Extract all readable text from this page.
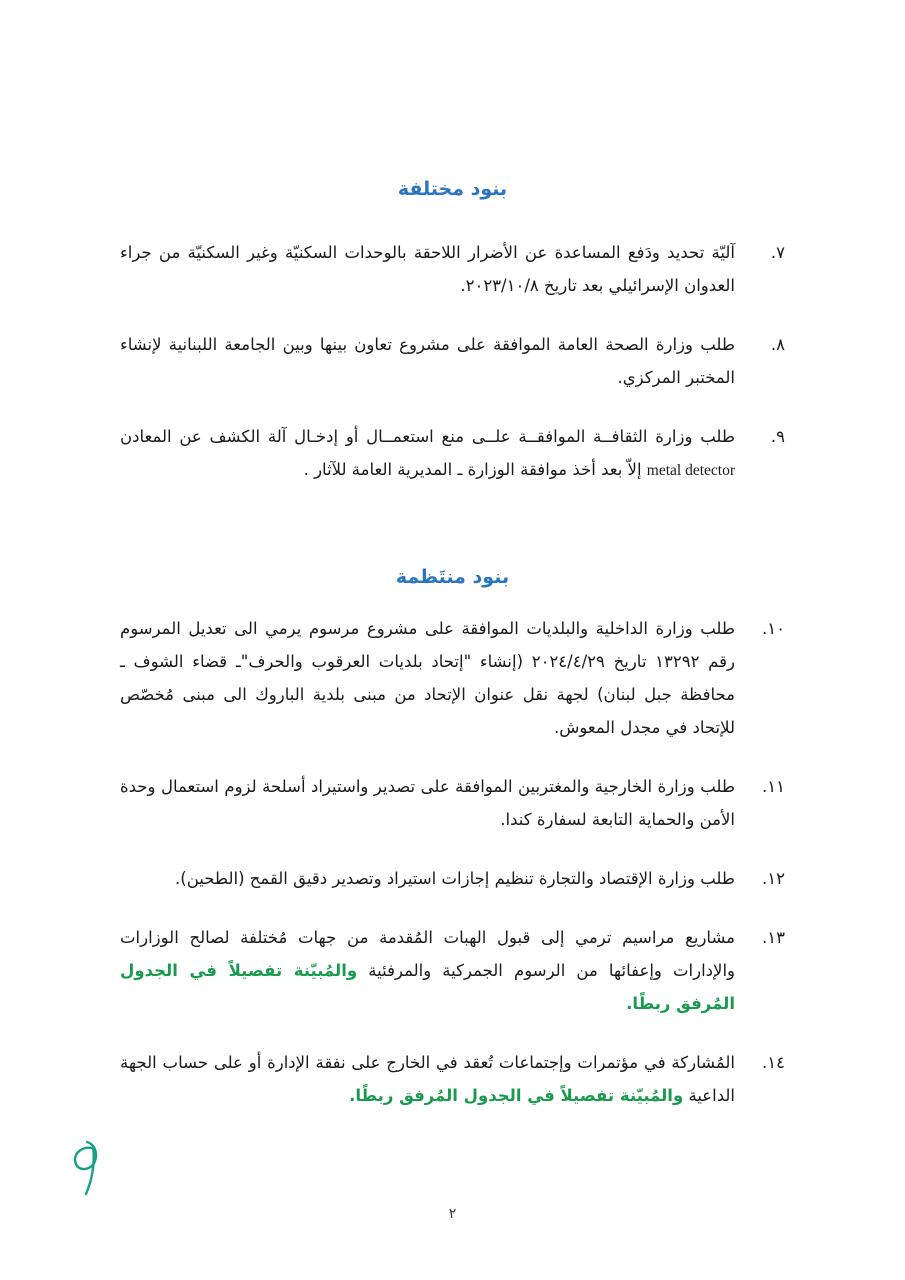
بنود مختلفة
٧.
آليّة تحديد ودَفع المساعدة عن الأضرار اللاحقة بالوحدات السكنيّة وغير السكنيّة من جراء العدوان الإسرائيلي بعد تاريخ ٢٠٢٣/١٠/٨.
٨.
طلب وزارة الصحة العامة الموافقة على مشروع تعاون بينها وبين الجامعة اللبنانية لإنشاء المختبر المركزي.
٩.
طلب وزارة الثقافــة الموافقــة علــى منع استعمــال أو إدخـال آلة الكشف عن المعادن metal detector إلاّ بعد أخذ موافقة الوزارة ـ المديرية العامة للآثار .
بنود منتَظمة
١٠.
طلب وزارة الداخلية والبلديات الموافقة على مشروع مرسوم يرمي الى تعديل المرسوم رقم ١٣٢٩٢ تاريخ ٢٠٢٤/٤/٢٩ (إنشاء "إتحاد بلديات العرقوب والحرف"ـ قضاء الشوف ـ محافظة جبل لبنان) لجهة نقل عنوان الإتحاد من مبنى بلدية الباروك الى مبنى مُخصّص للإتحاد في مجدل المعوش.
١١.
طلب وزارة الخارجية والمغتربين الموافقة على تصدير واستيراد أسلحة لزوم استعمال وحدة الأمن والحماية التابعة لسفارة كندا.
١٢.
طلب وزارة الإقتصاد والتجارة تنظيم إجازات استيراد وتصدير دقيق القمح (الطحين).
١٣.
مشاريع مراسيم ترمي إلى قبول الهبات المُقدمة من جهات مُختلفة لصالح الوزارات والإدارات وإعفائها من الرسوم الجمركية والمرفئية والمُبيّنة تفصيلاً في الجدول المُرفق ربطًا.
١٤.
المُشاركة في مؤتمرات وإجتماعات تُعقد في الخارج على نفقة الإدارة أو على حساب الجهة الداعية والمُبيّنة تفصيلاً في الجدول المُرفق ربطًا.
٢
